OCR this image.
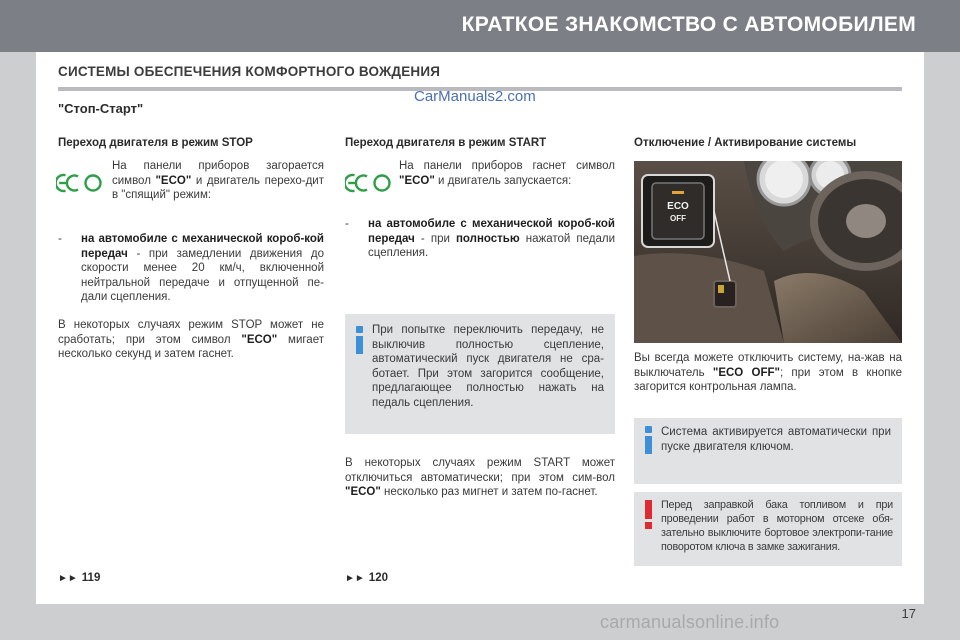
КРАТКОЕ ЗНАКОМСТВО С АВТОМОБИЛЕМ
СИСТЕМЫ ОБЕСПЕЧЕНИЯ КОМФОРТНОГО ВОЖДЕНИЯ
CarManuals2.com
"Стоп-Старт"
Переход двигателя в режим STOP

На панели приборов загорается символ "ECO" и двигатель перехо-дит в "спящий" режим:

- на автомобиле с механической короб-кой передач - при замедлении движения до скорости менее 20 км/ч, включенной нейтральной передаче и отпущенной пе-дали сцепления.

В некоторых случаях режим STOP может не сработать; при этом символ "ECO" мигает несколько секунд и затем гаснет.

►► 119
Переход двигателя в режим START

На панели приборов гаснет символ "ECO" и двигатель запускается:

- на автомобиле с механической короб-кой передач - при полностью нажатой педали сцепления.
При попытке переключить передачу, не выключив полностью сцепление, автоматический пуск двигателя не сра-ботает. При этом загорится сообщение, предлагающее полностью нажать на педаль сцепления.

В некоторых случаях режим START может отключиться автоматически; при этом сим-вол "ECO" несколько раз мигнет и затем по-гаснет.

►► 120
Отключение / Активирование системы
ECO
OFF

Вы всегда можете отключить систему, на-жав на выключатель "ECO OFF"; при этом в кнопке загорится контрольная лампа.

Система активируется автоматически при пуске двигателя ключом.
Перед заправкой бака топливом и при проведении работ в моторном отсеке обя-зательно выключите бортовое электропи-тание поворотом ключа в замке зажигания.
17
carmanualsonline.info
